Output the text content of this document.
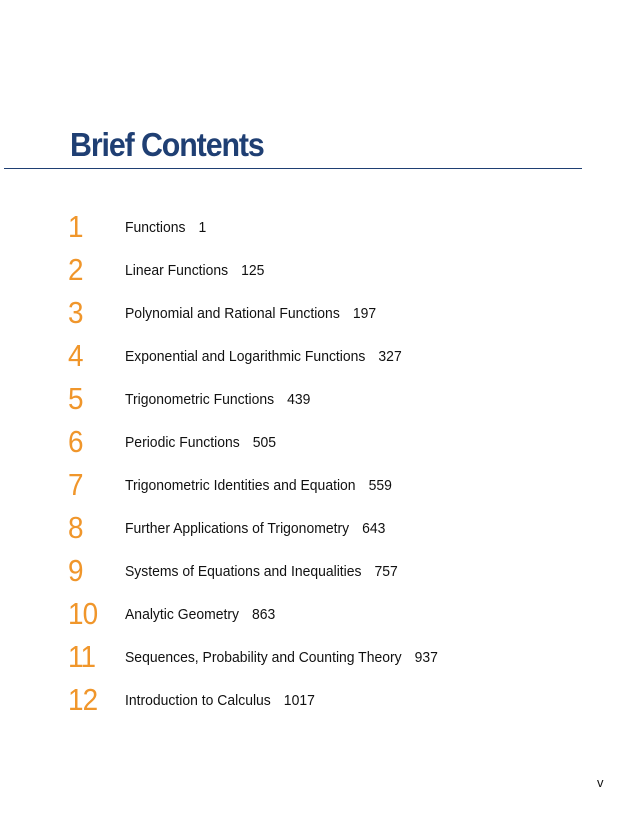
Brief Contents
1	Functions 1
2	Linear Functions 125
3	Polynomial and Rational Functions 197
4	Exponential and Logarithmic Functions 327
5	Trigonometric Functions 439
6	Periodic Functions 505
7	Trigonometric Identities and Equation 559
8	Further Applications of Trigonometry 643
9	Systems of Equations and Inequalities 757
10 Analytic Geometry 863
11 Sequences, Probability and Counting Theory 937
12 Introduction to Calculus 1017
v
